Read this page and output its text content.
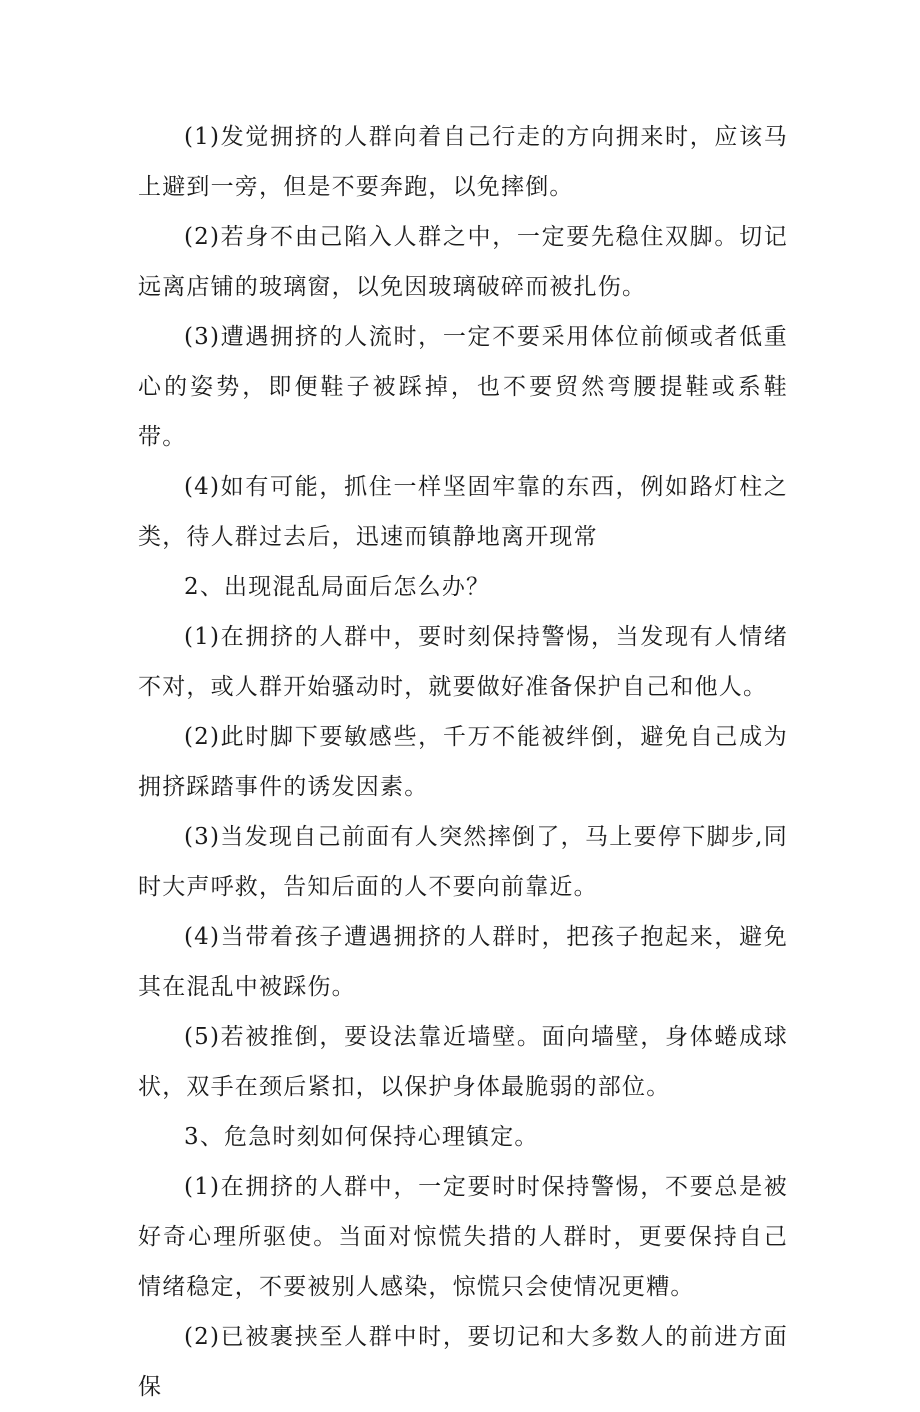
(1)发觉拥挤的人群向着自己行走的方向拥来时，应该马上避到一旁，但是不要奔跑，以免摔倒。

(2)若身不由己陷入人群之中，一定要先稳住双脚。切记远离店铺的玻璃窗，以免因玻璃破碎而被扎伤。

(3)遭遇拥挤的人流时，一定不要采用体位前倾或者低重心的姿势，即便鞋子被踩掉，也不要贸然弯腰提鞋或系鞋带。

(4)如有可能，抓住一样坚固牢靠的东西，例如路灯柱之类，待人群过去后，迅速而镇静地离开现常

2、出现混乱局面后怎么办？

(1)在拥挤的人群中，要时刻保持警惕，当发现有人情绪不对，或人群开始骚动时，就要做好准备保护自己和他人。

(2)此时脚下要敏感些，千万不能被绊倒，避免自己成为拥挤踩踏事件的诱发因素。

(3)当发现自己前面有人突然摔倒了，马上要停下脚步,同时大声呼救，告知后面的人不要向前靠近。

(4)当带着孩子遭遇拥挤的人群时，把孩子抱起来，避免其在混乱中被踩伤。

(5)若被推倒，要设法靠近墙壁。面向墙壁，身体蜷成球状，双手在颈后紧扣，以保护身体最脆弱的部位。

3、危急时刻如何保持心理镇定。

(1)在拥挤的人群中，一定要时时保持警惕，不要总是被好奇心理所驱使。当面对惊慌失措的人群时，更要保持自己情绪稳定，不要被别人感染，惊慌只会使情况更糟。

(2)已被裹挟至人群中时，要切记和大多数人的前进方面保
